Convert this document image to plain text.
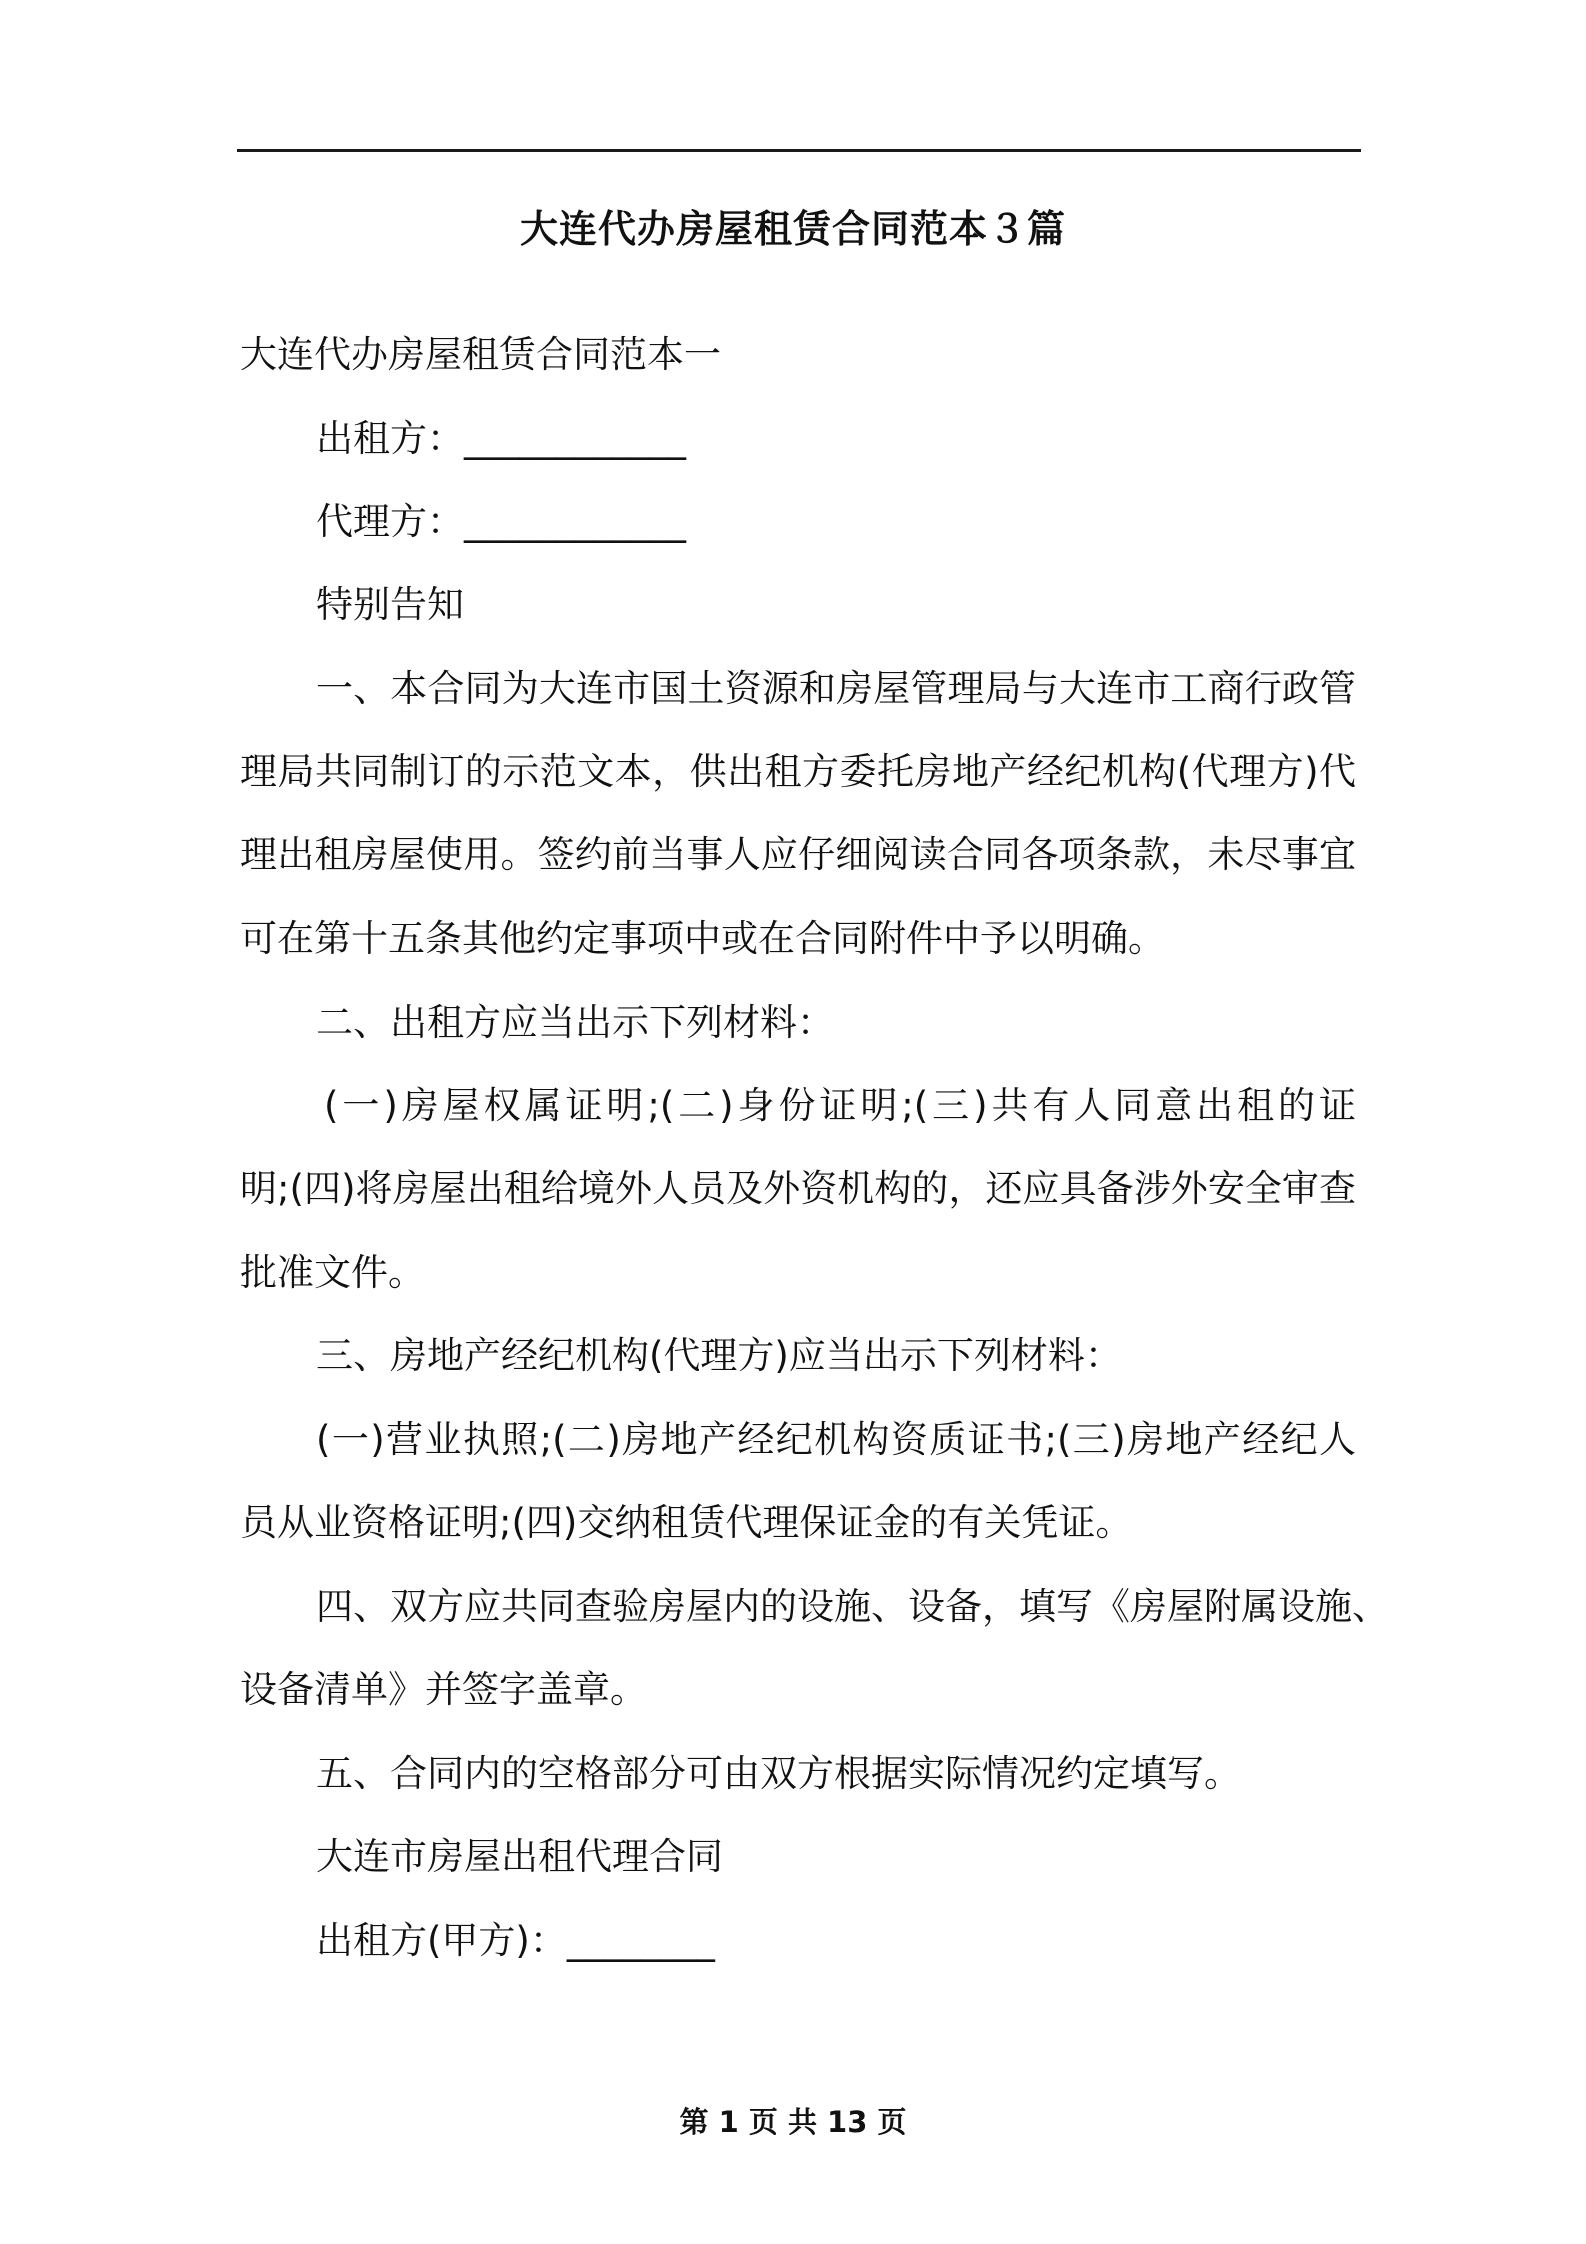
大连代办房屋租赁合同范本３篇
大连代办房屋租赁合同范本一
出租方：____________
代理方：____________
特别告知
一、本合同为大连市国土资源和房屋管理局与大连市工商行政管
理局共同制订的示范文本，供出租方委托房地产经纪机构(代理方)代
理出租房屋使用。签约前当事人应仔细阅读合同各项条款，未尽事宜
可在第十五条其他约定事项中或在合同附件中予以明确。
二、出租方应当出示下列材料：
(一)房屋权属证明;(二)身份证明;(三)共有人同意出租的证
明;(四)将房屋出租给境外人员及外资机构的，还应具备涉外安全审查
批准文件。
三、房地产经纪机构(代理方)应当出示下列材料：
(一)营业执照;(二)房地产经纪机构资质证书;(三)房地产经纪人
员从业资格证明;(四)交纳租赁代理保证金的有关凭证。
四、双方应共同查验房屋内的设施、设备，填写《房屋附属设施、
设备清单》并签字盖章。
五、合同内的空格部分可由双方根据实际情况约定填写。
大连市房屋出租代理合同
出租方(甲方)：________
第 1 页 共 13 页
